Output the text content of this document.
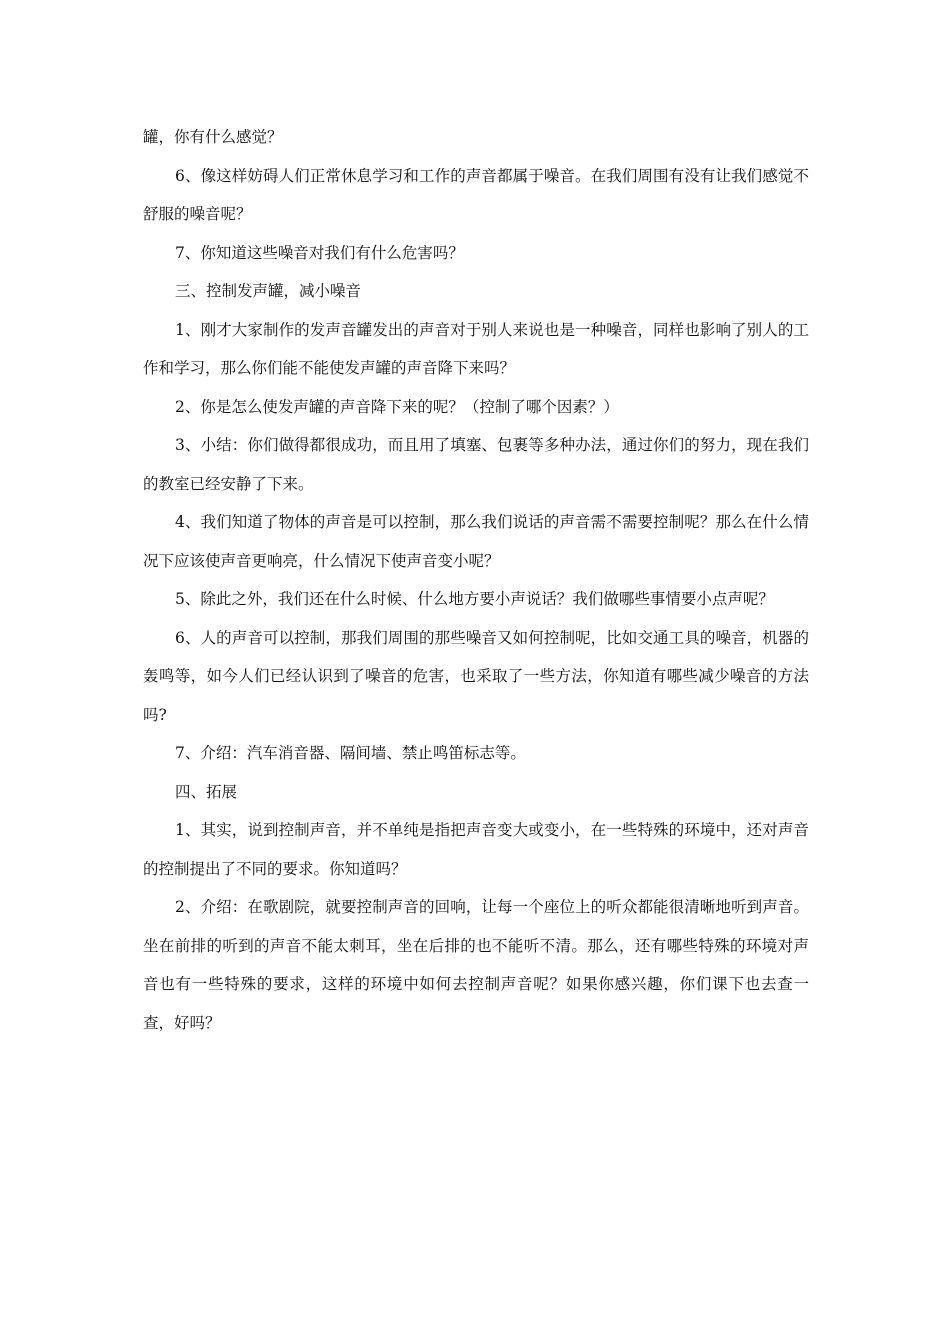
罐，你有什么感觉？

6、像这样妨碍人们正常休息学习和工作的声音都属于噪音。在我们周围有没有让我们感觉不舒服的噪音呢？

7、你知道这些噪音对我们有什么危害吗？

三、控制发声罐，减小噪音

1、刚才大家制作的发声音罐发出的声音对于别人来说也是一种噪音，同样也影响了别人的工作和学习，那么你们能不能使发声罐的声音降下来吗？

2、你是怎么使发声罐的声音降下来的呢？（控制了哪个因素？）

3、小结：你们做得都很成功，而且用了填塞、包裹等多种办法，通过你们的努力，现在我们的教室已经安静了下来。

4、我们知道了物体的声音是可以控制，那么我们说话的声音需不需要控制呢？那么在什么情况下应该使声音更响亮，什么情况下使声音变小呢？

5、除此之外，我们还在什么时候、什么地方要小声说话？我们做哪些事情要小点声呢？

6、人的声音可以控制，那我们周围的那些噪音又如何控制呢，比如交通工具的噪音，机器的轰鸣等，如今人们已经认识到了噪音的危害，也采取了一些方法，你知道有哪些减少噪音的方法吗?

7、介绍：汽车消音器、隔间墙、禁止鸣笛标志等。

四、拓展

1、其实，说到控制声音，并不单纯是指把声音变大或变小，在一些特殊的环境中，还对声音的控制提出了不同的要求。你知道吗？

2、介绍：在歌剧院，就要控制声音的回响，让每一个座位上的听众都能很清晰地听到声音。坐在前排的听到的声音不能太刺耳，坐在后排的也不能听不清。那么，还有哪些特殊的环境对声音也有一些特殊的要求，这样的环境中如何去控制声音呢？如果你感兴趣，你们课下也去查一查，好吗？
